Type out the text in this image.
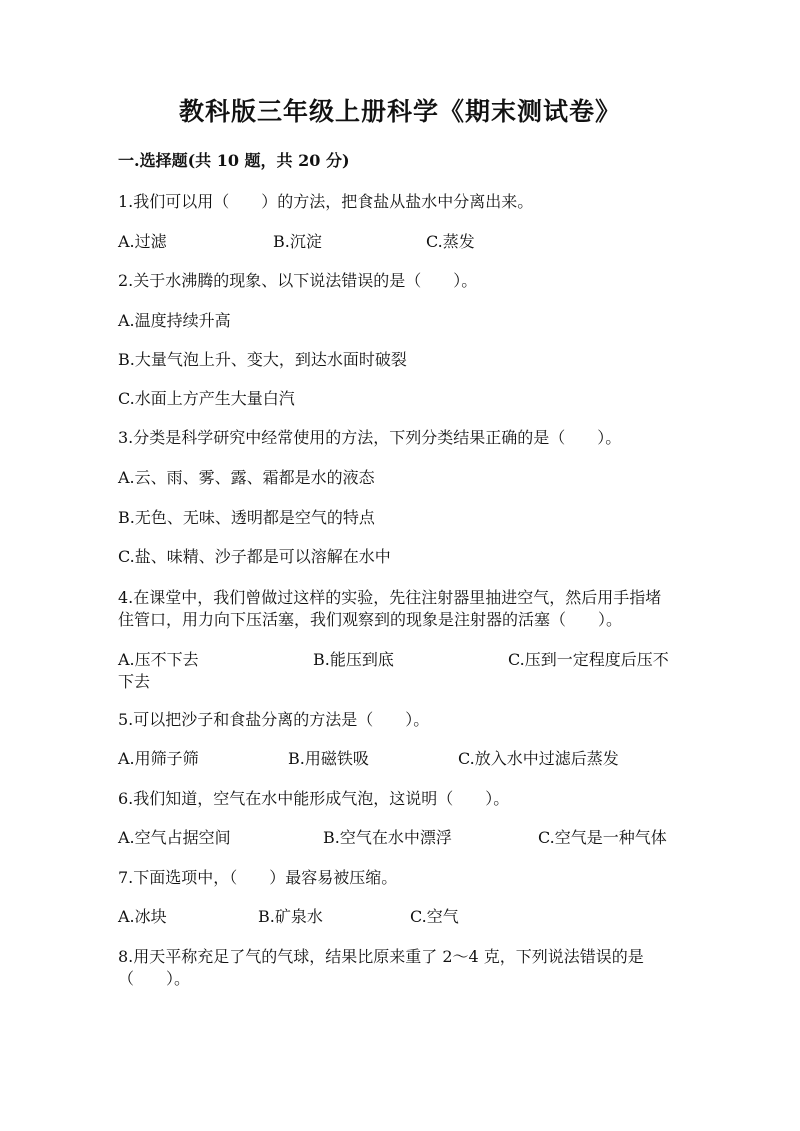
教科版三年级上册科学《期末测试卷》
一.选择题(共 10 题，共 20 分)
1.我们可以用（　　）的方法，把食盐从盐水中分离出来。
A.过滤	B.沉淀	C.蒸发
2.关于水沸腾的现象、以下说法错误的是（　　）。
A.温度持续升高
B.大量气泡上升、变大，到达水面时破裂
C.水面上方产生大量白汽
3.分类是科学研究中经常使用的方法，下列分类结果正确的是（　　）。
A.云、雨、雾、露、霜都是水的液态
B.无色、无味、透明都是空气的特点
C.盐、味精、沙子都是可以溶解在水中
4.在课堂中，我们曾做过这样的实验，先往注射器里抽进空气，然后用手指堵
住管口，用力向下压活塞，我们观察到的现象是注射器的活塞（　　）。
A.压不下去	B.能压到底	C.压到一定程度后压不
下去
5.可以把沙子和食盐分离的方法是（　　）。
A.用筛子筛	B.用磁铁吸	C.放入水中过滤后蒸发
6.我们知道，空气在水中能形成气泡，这说明（　　）。
A.空气占据空间	B.空气在水中漂浮	C.空气是一种气体
7.下面选项中，（　　）最容易被压缩。
A.冰块	B.矿泉水	C.空气
8.用天平称充足了气的气球，结果比原来重了 2～4 克，下列说法错误的是
（　　）。
